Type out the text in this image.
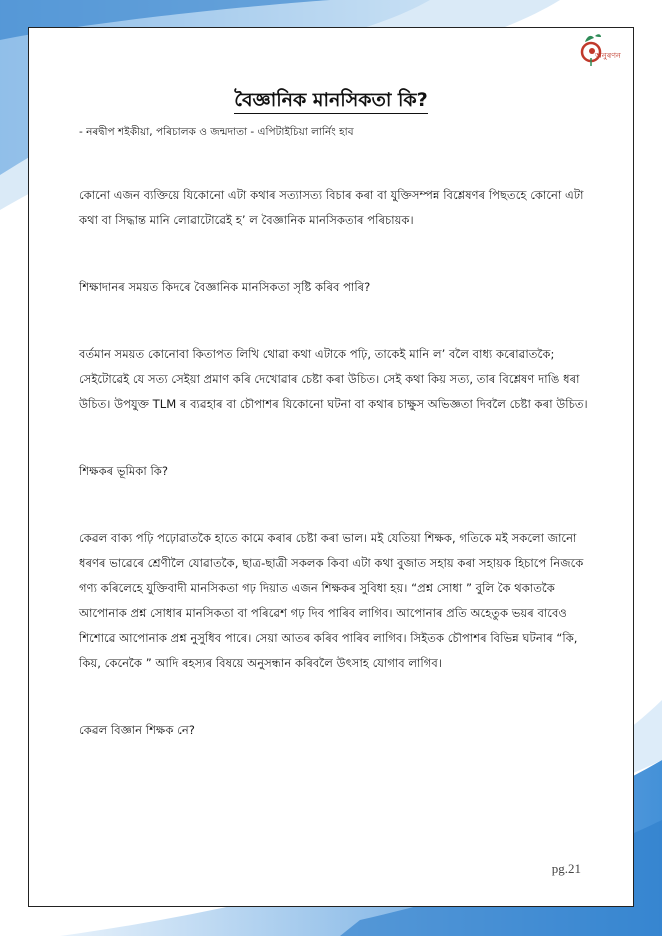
অনুৰণন
বৈজ্ঞানিক মানসিকতা কি?
- নৰদ্বীপ শইকীয়া, পৰিচালক ও জন্মদাতা - এপিটাইচিয়া লাৰ্নিং হাব

কোনো এজন ব্যক্তিয়ে যিকোনো এটা কথাৰ সত্যাসত্য বিচাৰ কৰা বা যুক্তিসম্পন্ন বিশ্লেষণৰ পিছতহে কোনো এটা কথা বা সিদ্ধান্ত মানি লোৱাটোৱেই হ’ ল বৈজ্ঞানিক মানসিকতাৰ পৰিচায়ক।

শিক্ষাদানৰ সময়ত কিদৰে বৈজ্ঞানিক মানসিকতা সৃষ্টি কৰিব পাৰি?

বৰ্তমান সময়ত কোনোবা কিতাপত লিখি থোৱা কথা এটাকে পঢ়ি, তাকেই মানি ল’ বলৈ বাধ্য কৰোৱাতকৈ; সেইটোৱেই যে সত্য সেইয়া প্ৰমাণ কৰি দেখোৱাৰ চেষ্টা কৰা উচিত। সেই কথা কিয় সত্য, তাৰ বিশ্লেষণ দাঙি ধৰা উচিত। উপযুক্ত TLM ৰ ব্যৱহাৰ বা চৌপাশৰ যিকোনো ঘটনা বা কথাৰ চাক্ষুস অভিজ্ঞতা দিবলৈ চেষ্টা কৰা উচিত।

শিক্ষকৰ ভূমিকা কি?

কেৱল বাক্য পঢ়ি পঢ়োৱাতকৈ হাতে কামে কৰাৰ চেষ্টা কৰা ভাল। মই যেতিয়া শিক্ষক, গতিকে মই সকলো জানো ধৰণৰ ভাৱেৰে শ্ৰেণীলৈ যোৱাতকৈ, ছাত্ৰ-ছাত্ৰী সকলক কিবা এটা কথা বুজাত সহায় কৰা সহায়ক হিচাপে নিজকে গণ্য কৰিলেহে যুক্তিবাদী মানসিকতা গঢ় দিয়াত এজন শিক্ষকৰ সুবিধা হয়। “প্ৰশ্ন সোধা ” বুলি কৈ থকাতকৈ আপোনাক প্ৰশ্ন সোধাৰ মানসিকতা বা পৰিৱেশ গঢ় দিব পাৰিব লাগিব। আপোনাৰ প্ৰতি অহেতুক ভয়ৰ বাবেও শিশোৱে আপোনাক প্ৰশ্ন নুসুধিব পাৰে। সেয়া আতৰ কৰিব পাৰিব লাগিব। সিইতক চৌপাশৰ বিভিন্ন ঘটনাৰ “কি, কিয়, কেনেকৈ ” আদি ৰহস্যৰ বিষয়ে অনুসন্ধান কৰিবলৈ উৎসাহ যোগাব লাগিব।

কেৱল বিজ্ঞান শিক্ষক নে?

pg.21
